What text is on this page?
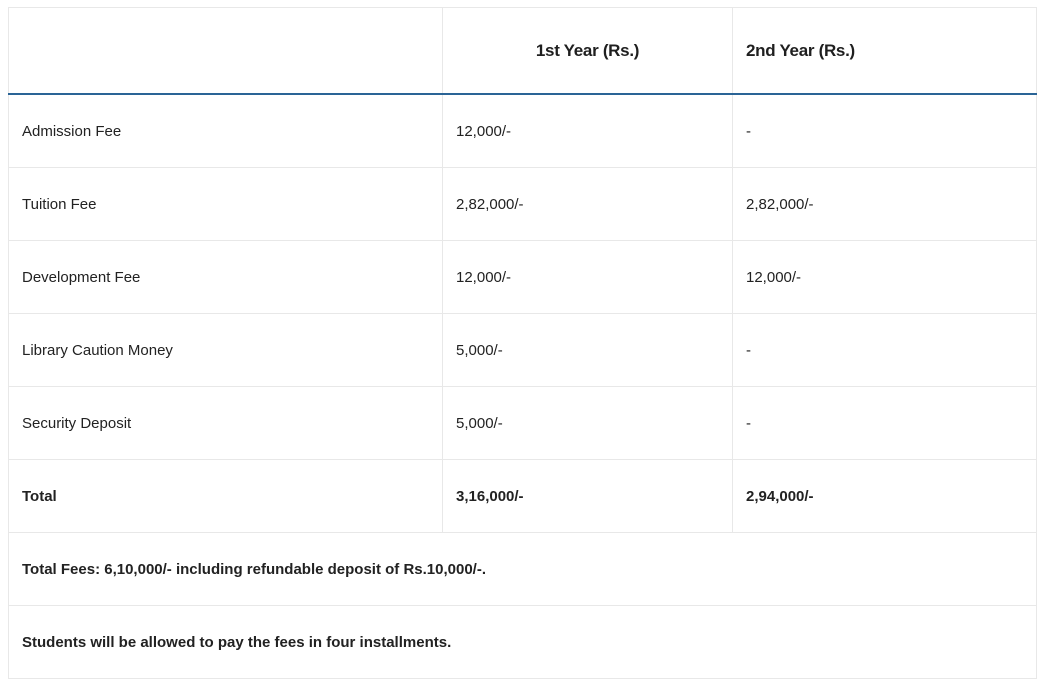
	1st Year (Rs.)	2nd Year (Rs.)
Admission Fee	12,000/-	-
Tuition Fee	2,82,000/-	2,82,000/-
Development Fee	12,000/-	12,000/-
Library Caution Money	5,000/-	-
Security Deposit	5,000/-	-
Total	3,16,000/-	2,94,000/-
Total Fees: 6,10,000/- including refundable deposit of Rs.10,000/-.		
Students will be allowed to pay the fees in four installments.		
